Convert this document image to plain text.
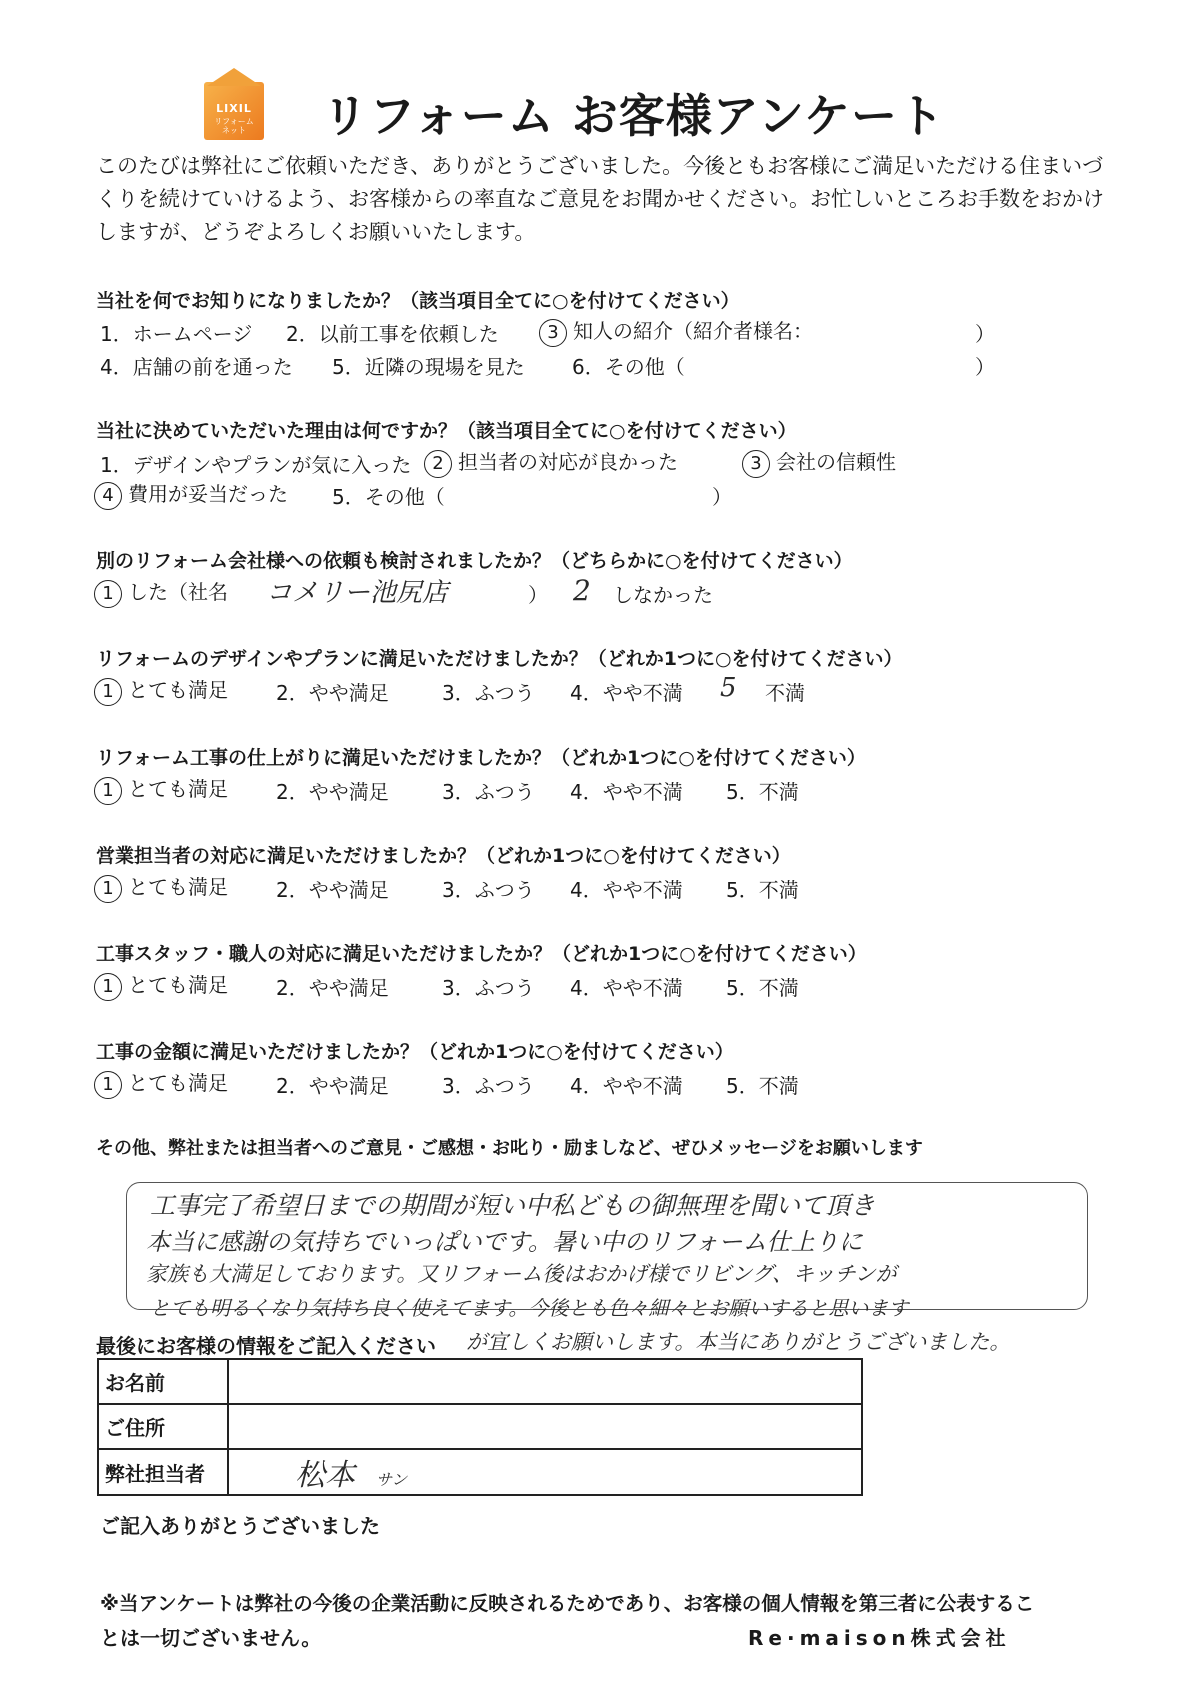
LIXIL
リフォーム
ネット	リフォーム お客様アンケート
このたびは弊社にご依頼いただき、ありがとうございました。今後ともお客様にご満足いただける住まいづくりを続けていけるよう、お客様からの率直なご意見をお聞かせください。お忙しいところお手数をおかけしますが、どうぞよろしくお願いいたします。
当社を何でお知りになりましたか？（該当項目全てに○を付けてください）
1．ホームページ 2．以前工事を依頼した	3 知人の紹介（紹介者様名：	）
4．店舗の前を通った 5．近隣の現場を見た 6．その他（	）
当社に決めていただいた理由は何ですか？（該当項目全てに○を付けてください）
1．デザインやプランが気に入った	2 担当者の対応が良かった	3 会社の信頼性
4 費用が妥当だった 5．その他（	）
別のリフォーム会社様への依頼も検討されましたか？（どちらかに○を付けてください）
1 した（社名 コメリー池尻店	） 2 しなかった
リフォームのデザインやプランに満足いただけましたか？（どれか1つに○を付けてください）
1 とても満足 2．やや満足	3．ふつう 4．やや不満 5 不満
リフォーム工事の仕上がりに満足いただけましたか？（どれか1つに○を付けてください）
1 とても満足 2．やや満足	3．ふつう 4．やや不満 5．不満
営業担当者の対応に満足いただけましたか？（どれか1つに○を付けてください）
1 とても満足 2．やや満足	3．ふつう 4．やや不満 5．不満
工事スタッフ・職人の対応に満足いただけましたか？（どれか1つに○を付けてください）
1 とても満足 2．やや満足	3．ふつう 4．やや不満 5．不満
工事の金額に満足いただけましたか？（どれか1つに○を付けてください）
1 とても満足 2．やや満足	3．ふつう 4．やや不満 5．不満
その他、弊社または担当者へのご意見・ご感想・お叱り・励ましなど、ぜひメッセージをお願いします
工事完了希望日までの期間が短い中私どもの御無理を聞いて頂き
本当に感謝の気持ちでいっぱいです。暑い中のリフォーム仕上りに
家族も大満足しております。又リフォーム後はおかげ様でリビング、キッチンが
とても明るくなり気持ち良く使えてます。今後とも色々細々とお願いすると思います
が宜しくお願いします。本当にありがとうございました。
最後にお客様の情報をご記入ください
お名前	
ご住所	
弊社担当者	松本 サン
ご記入ありがとうございました
※当アンケートは弊社の今後の企業活動に反映されるためであり、お客様の個人情報を第三者に公表するこ
とは一切ございません。	Re·maison株式会社
